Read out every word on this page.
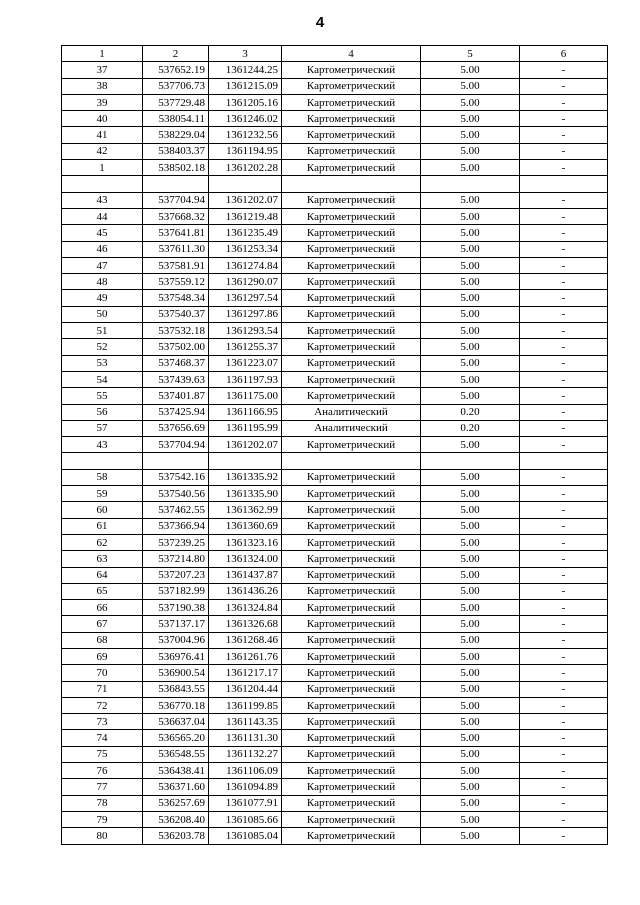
4
1	2	3	4	5	6
37	537652.19	1361244.25	Картометрический	5.00	-
38	537706.73	1361215.09	Картометрический	5.00	-
39	537729.48	1361205.16	Картометрический	5.00	-
40	538054.11	1361246.02	Картометрический	5.00	-
41	538229.04	1361232.56	Картометрический	5.00	-
42	538403.37	1361194.95	Картометрический	5.00	-
1	538502.18	1361202.28	Картометрический	5.00	-

43	537704.94	1361202.07	Картометрический	5.00	-
44	537668.32	1361219.48	Картометрический	5.00	-
45	537641.81	1361235.49	Картометрический	5.00	-
46	537611.30	1361253.34	Картометрический	5.00	-
47	537581.91	1361274.84	Картометрический	5.00	-
48	537559.12	1361290.07	Картометрический	5.00	-
49	537548.34	1361297.54	Картометрический	5.00	-
50	537540.37	1361297.86	Картометрический	5.00	-
51	537532.18	1361293.54	Картометрический	5.00	-
52	537502.00	1361255.37	Картометрический	5.00	-
53	537468.37	1361223.07	Картометрический	5.00	-
54	537439.63	1361197.93	Картометрический	5.00	-
55	537401.87	1361175.00	Картометрический	5.00	-
56	537425.94	1361166.95	Аналитический	0.20	-
57	537656.69	1361195.99	Аналитический	0.20	-
43	537704.94	1361202.07	Картометрический	5.00	-

58	537542.16	1361335.92	Картометрический	5.00	-
59	537540.56	1361335.90	Картометрический	5.00	-
60	537462.55	1361362.99	Картометрический	5.00	-
61	537366.94	1361360.69	Картометрический	5.00	-
62	537239.25	1361323.16	Картометрический	5.00	-
63	537214.80	1361324.00	Картометрический	5.00	-
64	537207.23	1361437.87	Картометрический	5.00	-
65	537182.99	1361436.26	Картометрический	5.00	-
66	537190.38	1361324.84	Картометрический	5.00	-
67	537137.17	1361326.68	Картометрический	5.00	-
68	537004.96	1361268.46	Картометрический	5.00	-
69	536976.41	1361261.76	Картометрический	5.00	-
70	536900.54	1361217.17	Картометрический	5.00	-
71	536843.55	1361204.44	Картометрический	5.00	-
72	536770.18	1361199.85	Картометрический	5.00	-
73	536637.04	1361143.35	Картометрический	5.00	-
74	536565.20	1361131.30	Картометрический	5.00	-
75	536548.55	1361132.27	Картометрический	5.00	-
76	536438.41	1361106.09	Картометрический	5.00	-
77	536371.60	1361094.89	Картометрический	5.00	-
78	536257.69	1361077.91	Картометрический	5.00	-
79	536208.40	1361085.66	Картометрический	5.00	-
80	536203.78	1361085.04	Картометрический	5.00	-
